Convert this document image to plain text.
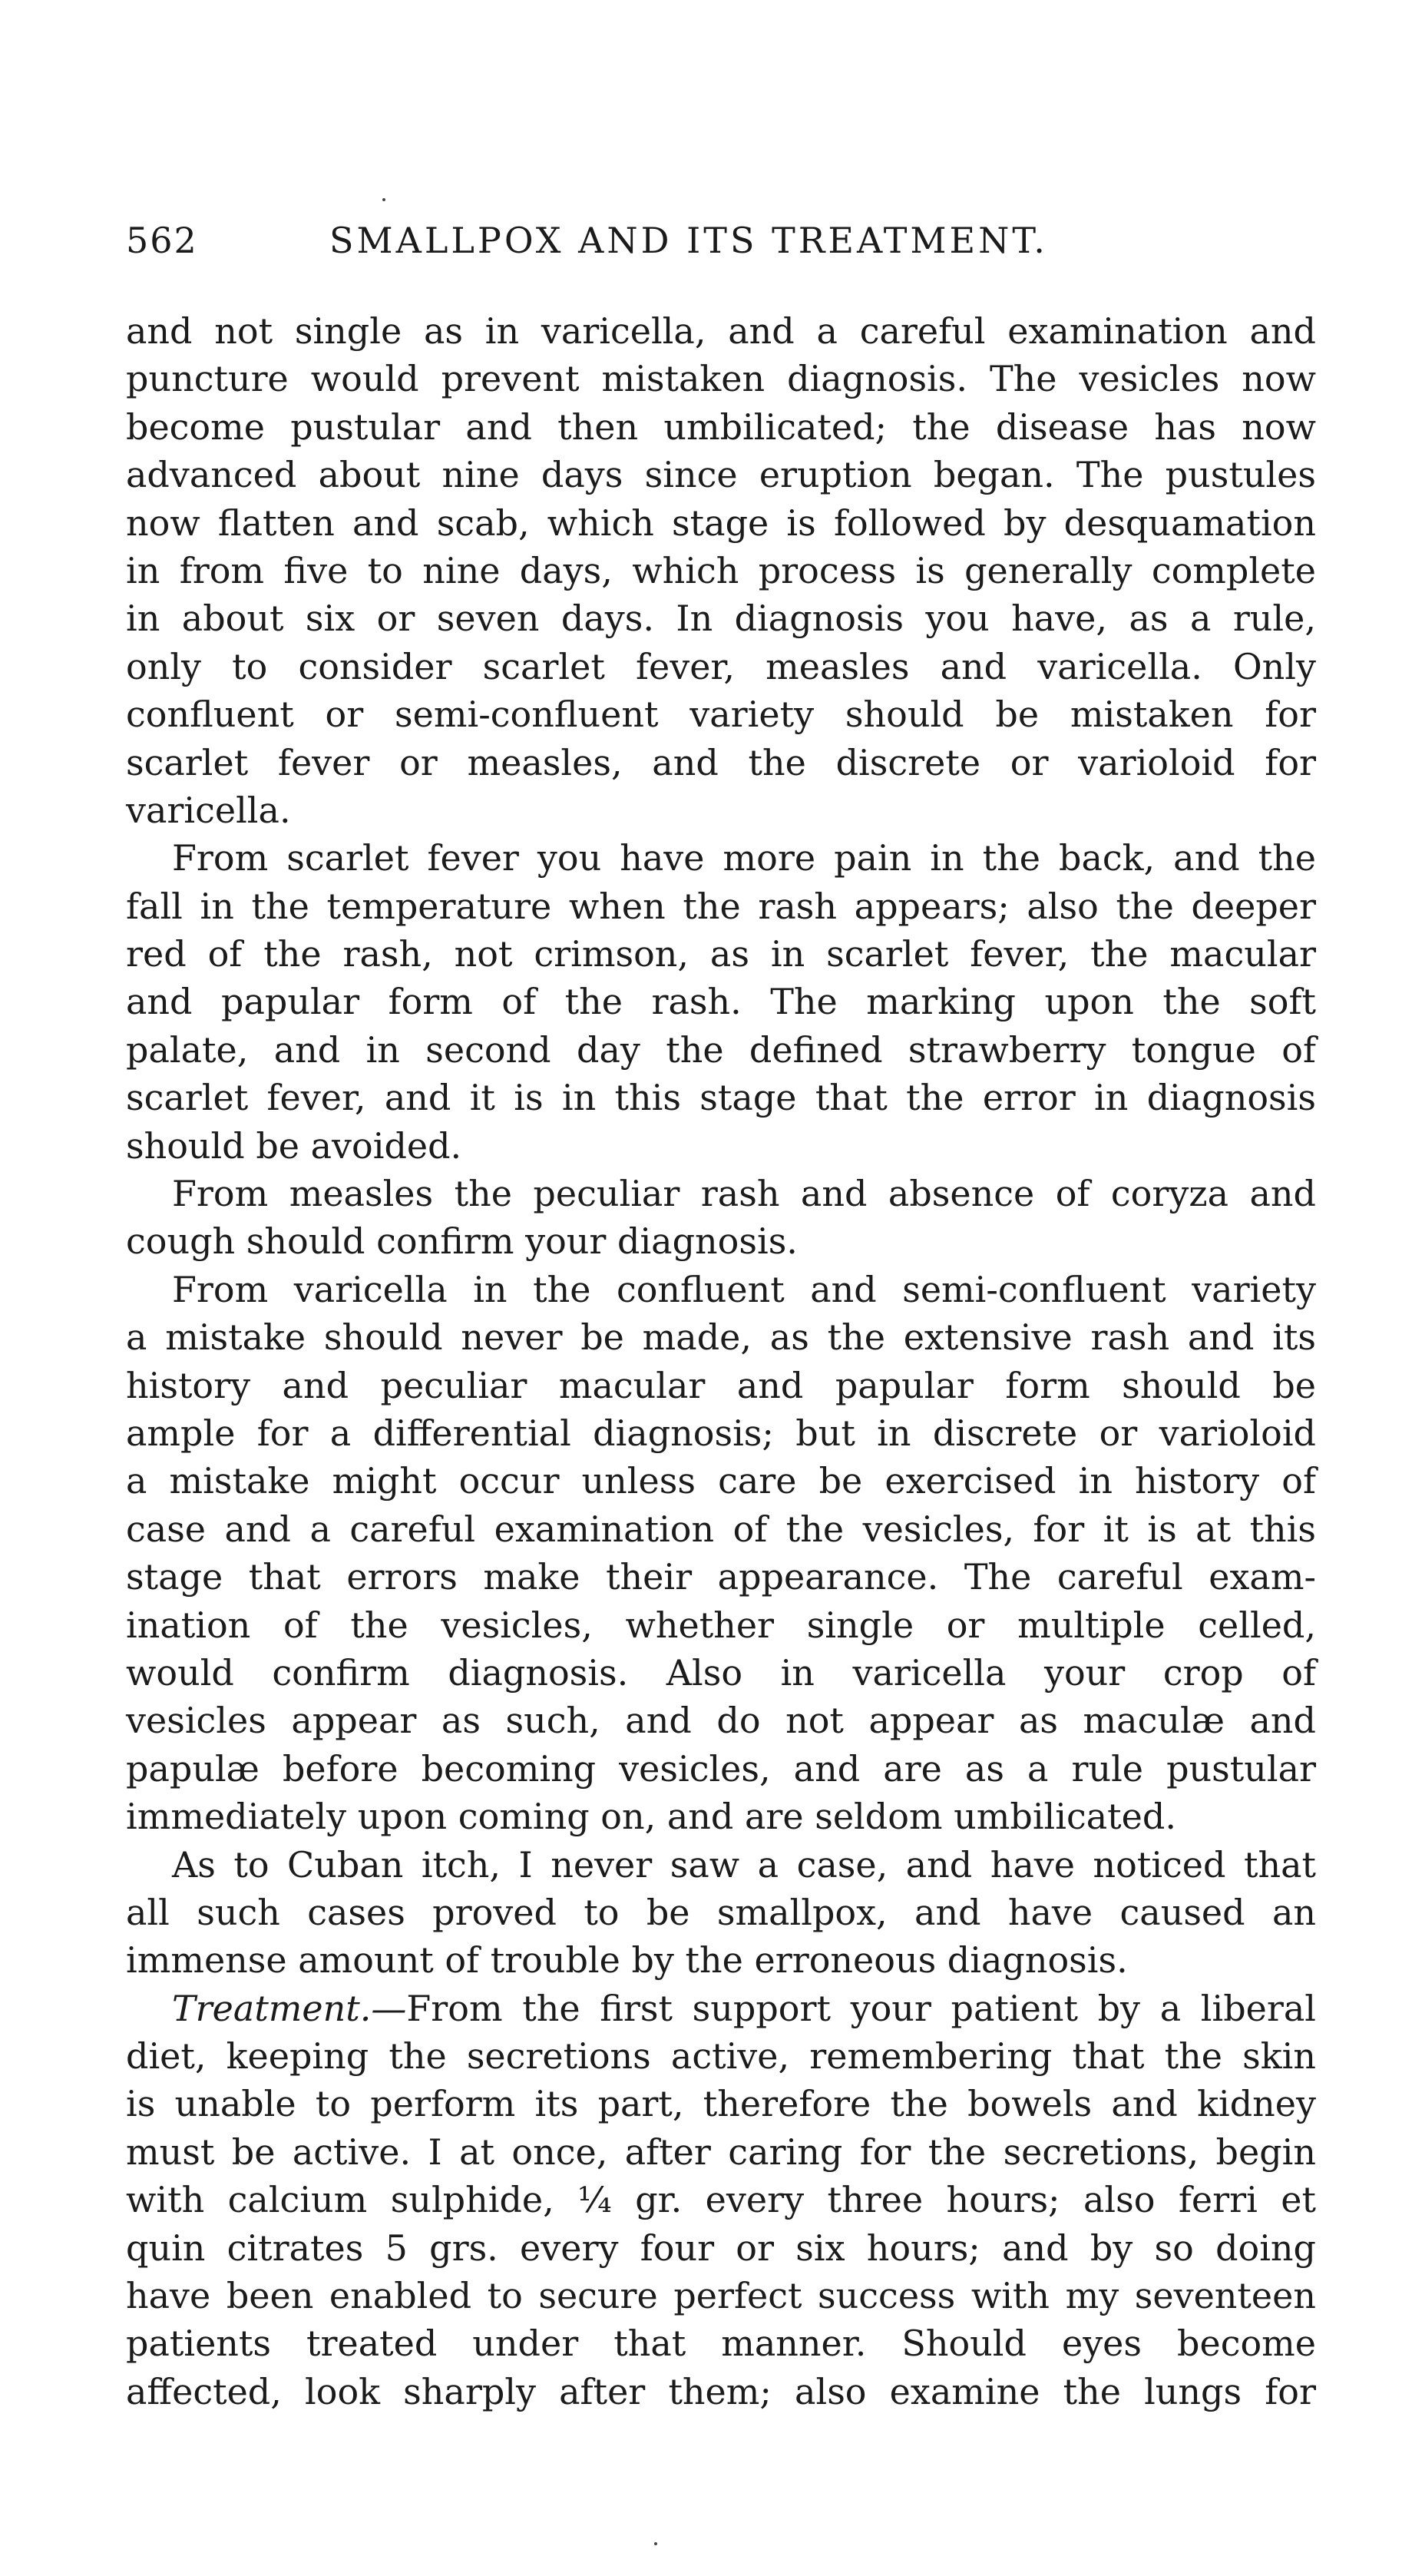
562	SMALLPOX AND ITS TREATMENT.
and not single as in varicella, and a careful examination and
puncture would prevent mistaken diagnosis. The vesicles now
become pustular and then umbilicated; the disease has now
advanced about nine days since eruption began. The pustules
now flatten and scab, which stage is followed by desquamation
in from five to nine days, which process is generally complete
in about six or seven days. In diagnosis you have, as a rule,
only to consider scarlet fever, measles and varicella. Only
confluent or semi-confluent variety should be mistaken for
scarlet fever or measles, and the discrete or varioloid for
varicella.
From scarlet fever you have more pain in the back, and the
fall in the temperature when the rash appears; also the deeper
red of the rash, not crimson, as in scarlet fever, the macular
and papular form of the rash. The marking upon the soft
palate, and in second day the defined strawberry tongue of
scarlet fever, and it is in this stage that the error in diagnosis
should be avoided.
From measles the peculiar rash and absence of coryza and
cough should confirm your diagnosis.
From varicella in the confluent and semi-confluent variety
a mistake should never be made, as the extensive rash and its
history and peculiar macular and papular form should be
ample for a differential diagnosis; but in discrete or varioloid
a mistake might occur unless care be exercised in history of
case and a careful examination of the vesicles, for it is at this
stage that errors make their appearance. The careful exam-
ination of the vesicles, whether single or multiple celled,
would confirm diagnosis. Also in varicella your crop of
vesicles appear as such, and do not appear as maculæ and
papulæ before becoming vesicles, and are as a rule pustular
immediately upon coming on, and are seldom umbilicated.
As to Cuban itch, I never saw a case, and have noticed that
all such cases proved to be smallpox, and have caused an
immense amount of trouble by the erroneous diagnosis.
Treatment.—From the first support your patient by a liberal
diet, keeping the secretions active, remembering that the skin
is unable to perform its part, therefore the bowels and kidney
must be active. I at once, after caring for the secretions, begin
with calcium sulphide, ¼ gr. every three hours; also ferri et
quin citrates 5 grs. every four or six hours; and by so doing
have been enabled to secure perfect success with my seventeen
patients treated under that manner. Should eyes become
affected, look sharply after them; also examine the lungs for
